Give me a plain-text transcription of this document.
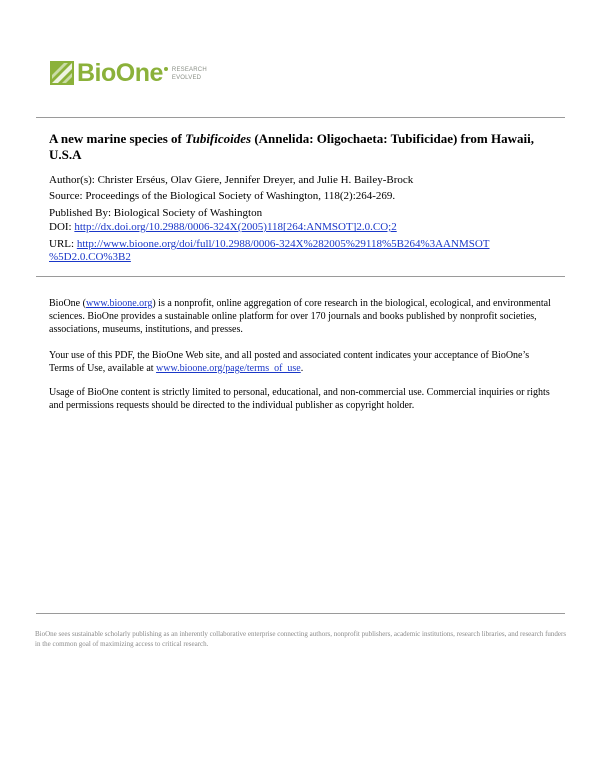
BioOne RESEARCH
EVOLVED
A new marine species of Tubificoides (Annelida: Oligochaeta: Tubificidae) from Hawaii, U.S.A
Author(s): Christer Erséus, Olav Giere, Jennifer Dreyer, and Julie H. Bailey-Brock
Source: Proceedings of the Biological Society of Washington, 118(2):264-269.
Published By: Biological Society of Washington
DOI: http://dx.doi.org/10.2988/0006-324X(2005)118[264:ANMSOT]2.0.CO;2
URL: http://www.bioone.org/doi/full/10.2988/0006-324X%282005%29118%5B264%3AANMSOT
%5D2.0.CO%3B2

BioOne (www.bioone.org) is a nonprofit, online aggregation of core research in the biological, ecological, and environmental sciences. BioOne provides a sustainable online platform for over 170 journals and books published by nonprofit societies, associations, museums, institutions, and presses.

Your use of this PDF, the BioOne Web site, and all posted and associated content indicates your acceptance of BioOne’s Terms of Use, available at www.bioone.org/page/terms_of_use.

Usage of BioOne content is strictly limited to personal, educational, and non-commercial use. Commercial inquiries or rights and permissions requests should be directed to the individual publisher as copyright holder.

BioOne sees sustainable scholarly publishing as an inherently collaborative enterprise connecting authors, nonprofit publishers, academic institutions, research libraries, and research funders in the common goal of maximizing access to critical research.
